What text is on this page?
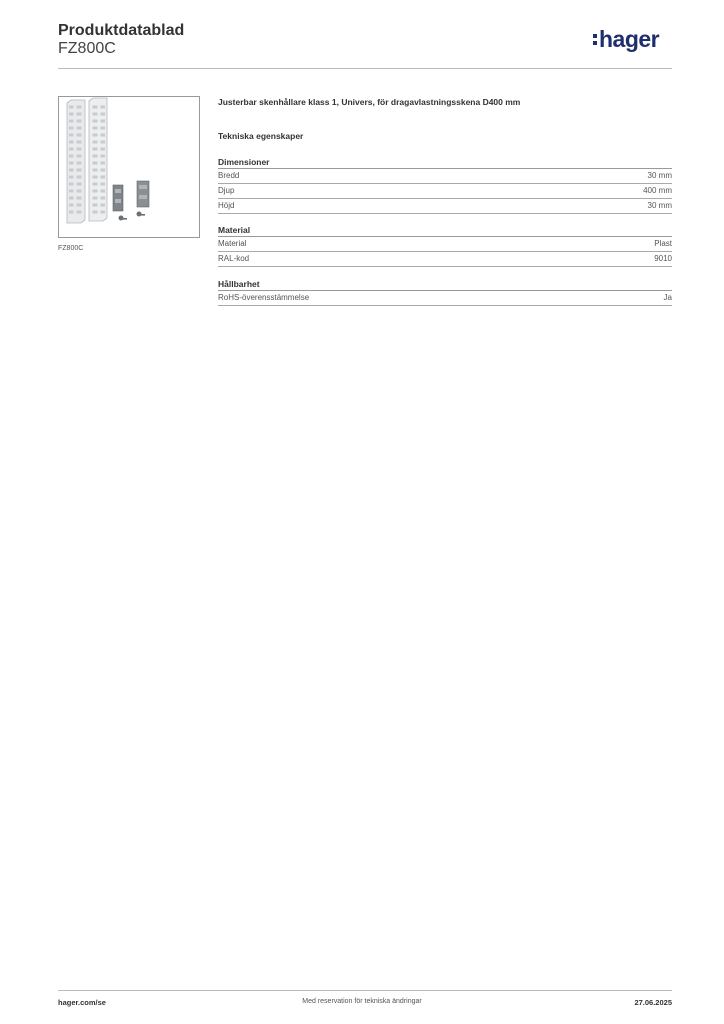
Produktdatablad
FZ800C	hager
FZ800C
Justerbar skenhållare klass 1, Univers, för dragavlastningsskena D400 mm
Tekniska egenskaper
Dimensioner
Bredd	30 mm
Djup	400 mm
Höjd	30 mm
Material
Material	Plast
RAL-kod	9010
Hållbarhet
RoHS-överensstämmelse	Ja
hager.com/se	Med reservation för tekniska ändringar	27.06.2025
